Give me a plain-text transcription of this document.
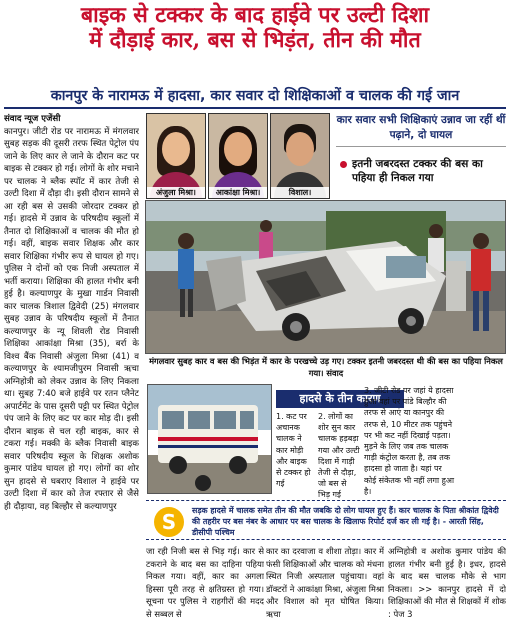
बाइक से टक्कर के बाद हाईवे पर उल्टी दिशा
में दौड़ाई कार, बस से भिड़ंत, तीन की मौत
कानपुर के नारामऊ में हादसा, कार सवार दो शिक्षिकाओं व चालक की गई जान
संवाद न्यूज एजेंसी
कानपुर। जीटी रोड पर नारामऊ में मंगलवार सुबह सड़क की दूसरी तरफ स्थित पेट्रोल पंप जाने के लिए कार ले जाने के दौरान कट पर बाइक से टक्कर हो गई। लोगों के शोर मचाने पर चालक ने ब्लैक स्पॉट में कार तेजी से उल्टी दिशा में दौड़ा दी। इसी दौरान सामने से आ रही बस से उसकी जोरदार टक्कर हो गई। हादसे में उन्नाव के परिषदीय स्कूलों में तैनात दो शिक्षिकाओं व चालक की मौत हो गई। वहीं, बाइक सवार शिक्षक और कार सवार शिक्षिका गंभीर रूप से घायल हो गए। पुलिस ने दोनों को एक निजी अस्पताल में भर्ती कराया। शिक्षिका की हालत गंभीर बनी हुई है। कल्याणपुर के मुखा गार्डन निवासी कार चालक त्रिशाल द्विवेदी (25) मंगलवार सुबह उन्नाव के परिषदीय स्कूलों में तैनात कल्याणपुर के न्यू शिवली रोड निवासी शिक्षिका आकांक्षा मिश्रा (35), बर्रा के विश्व बैंक निवासी अंजुला मिश्रा (41) व कल्याणपुर के श्यामजीपुरम निवासी ऋचा अग्निहोत्री को लेकर उन्नाव के लिए निकला था। सुबह 7:40 बजे हाईवे पर रतन प्लैनेट अपार्टमेंट के पास दूसरी पट्टी पर स्थित पेट्रोल पंप जाने के लिए कट पर कार मोड़ दी। इसी दौरान बाइक से चल रही बाइक, कार से टकरा गई। मक्की के ब्लैक निवासी बाइक सवार परिषदीय स्कूल के शिक्षक अशोक कुमार पांडेय घायल हो गए। लोगों का शोर सुन हादसे से घबराए विशाल ने हाईवे पर उल्टी दिशा में कार को तेज रफ्तार से जैसे ही दौड़ाया, वह बिल्हौर से कल्याणपुर
अंजुला मिश्रा।	आकांक्षा मिश्रा।	विशाल।
कार सवार सभी शिक्षिकाएं उन्नाव जा रहीं थीं पढ़ाने, दो घायल
इतनी जबरदस्त टक्कर की बस का पहिया ही निकल गया
मंगलवार सुबह कार व बस की भिड़ंत में कार के परखच्चे उड़ गए। टक्कर इतनी जबरदस्त थी की बस का पहिया निकल गया। संवाद
हादसे के तीन कारण
1. कट पर अचानक चालक ने कार मोड़ी और बाइक से टक्कर हो गई
2. लोगों का शोर सुन कार चालक हड़बड़ा गया और उल्टी दिशा में गाड़ी तेजी से दौड़ा, जो बस से भिड़ गई
3. जीटी रोड पर जहां ये हादसा हुआ वहां पर पांडे बिल्हौर की तरफ से आएं या कानपुर की तरफ से, 10 मीटर तक पहुंचने पर भी कट नहीं दिखाई पड़ता। मुड़ने के लिए जब तक चालक गाड़ी कंट्रोल करता है, तब तक हादसा हो जाता है। यहां पर कोई संकेतक भी नहीं लगा हुआ है।
S	सड़क हादसे में चालक समेत तीन की मौत जबकि दो लोग घायल हुए हैं। कार चालक के पिता श्रीकांत द्विवेदी की तहरीर पर बस नंबर के आधार पर बस चालक के खिलाफ रिपोर्ट दर्ज कर ली गई है। - आरती सिंह, डीसीपी पश्चिम
जा रही निजी बस से भिड़ गई। कार से टकराने के बाद बस का दाहिना पहिया निकल गया। वहीं, कार का अगला हिस्सा पूरी तरह से क्षतिग्रस्त हो गया। सूचना पर पुलिस ने राहगीरों की मदद से सब्बल से
कार का दरवाजा व शीशा तोड़ा। कार में फंसी शिक्षिकाओं और चालक को मंधना स्थित निजी अस्पताल पहुंचाया। वहां डॉक्टरों ने आकांक्षा मिश्रा, अंजुला मिश्रा और विशाल को मृत घोषित किया। ऋचा
अग्निहोत्री व अशोक कुमार पांडेय की हालत गंभीर बनी हुई है। इधर, हादसे के बाद बस चालक मौके से भाग निकला। >> कानपुर हादसे में दो शिक्षिकाओं की मौत से शिक्षकों में शोक : पेज 3
